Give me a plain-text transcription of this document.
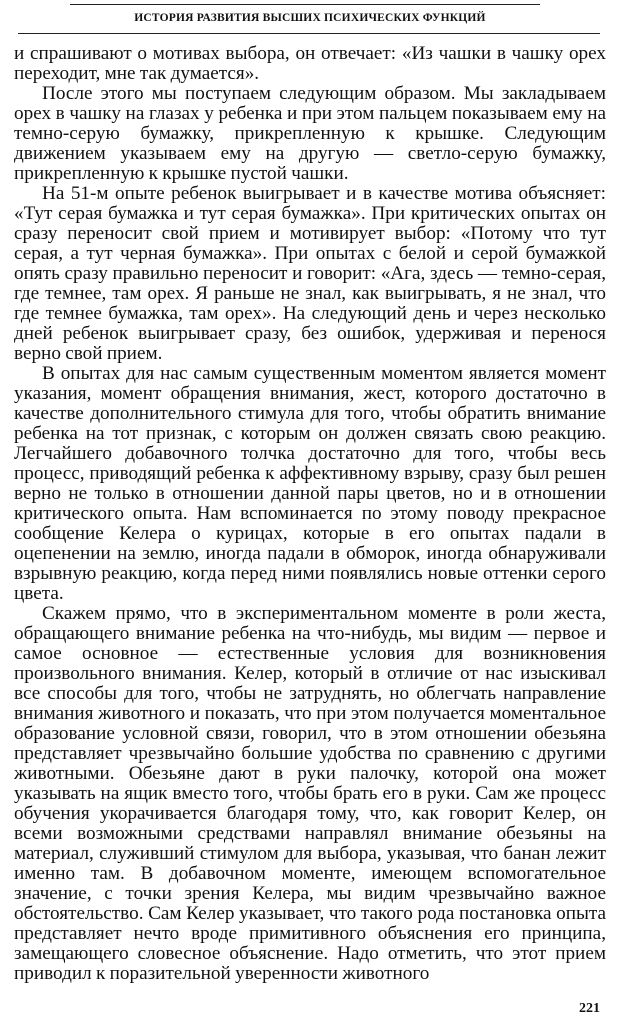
ИСТОРИЯ РАЗВИТИЯ ВЫСШИХ ПСИХИЧЕСКИХ ФУНКЦИЙ

и спрашивают о мотивах выбора, он отвечает: «Из чашки в чашку орех переходит, мне так думается».

После этого мы поступаем следующим образом. Мы закладываем орех в чашку на глазах у ребенка и при этом пальцем показываем ему на темно-серую бумажку, прикрепленную к крышке. Следующим движением указываем ему на другую — светло-серую бумажку, прикрепленную к крышке пустой чашки.

На 51-м опыте ребенок выигрывает и в качестве мотива объясняет: «Тут серая бумажка и тут серая бумажка». При критических опытах он сразу переносит свой прием и мотивирует выбор: «Потому что тут серая, а тут черная бумажка». При опытах с белой и серой бумажкой опять сразу правильно переносит и говорит: «Ага, здесь — темно-серая, где темнее, там орех. Я раньше не знал, как выигрывать, я не знал, что где темнее бумажка, там орех». На следующий день и через несколько дней ребенок выигрывает сразу, без ошибок, удерживая и перенося верно свой прием.

В опытах для нас самым существенным моментом является момент указания, момент обращения внимания, жест, которого достаточно в качестве дополнительного стимула для того, чтобы обратить внимание ребенка на тот признак, с которым он должен связать свою реакцию. Легчайшего добавочного толчка достаточно для того, чтобы весь процесс, приводящий ребенка к аффективному взрыву, сразу был решен верно не только в отношении данной пары цветов, но и в отношении критического опыта. Нам вспоминается по этому поводу прекрасное сообщение Келера о курицах, которые в его опытах падали в оцепенении на землю, иногда падали в обморок, иногда обнаруживали взрывную реакцию, когда перед ними появлялись новые оттенки серого цвета.

Скажем прямо, что в экспериментальном моменте в роли жеста, обращающего внимание ребенка на что-нибудь, мы видим — первое и самое основное — естественные условия для возникновения произвольного внимания. Келер, который в отличие от нас изыскивал все способы для того, чтобы не затруднять, но облегчать направление внимания животного и показать, что при этом получается моментальное образование условной связи, говорил, что в этом отношении обезьяна представляет чрезвычайно большие удобства по сравнению с другими животными. Обезьяне дают в руки палочку, которой она может указывать на ящик вместо того, чтобы брать его в руки. Сам же процесс обучения укорачивается благодаря тому, что, как говорит Келер, он всеми возможными средствами направлял внимание обезьяны на материал, служивший стимулом для выбора, указывая, что банан лежит именно там. В добавочном моменте, имеющем вспомогательное значение, с точки зрения Келера, мы видим чрезвычайно важное обстоятельство. Сам Келер указывает, что такого рода постановка опыта представляет нечто вроде примитивного объяснения его принципа, замещающего словесное объяснение. Надо отметить, что этот прием приводил к поразительной уверенности животного

221
